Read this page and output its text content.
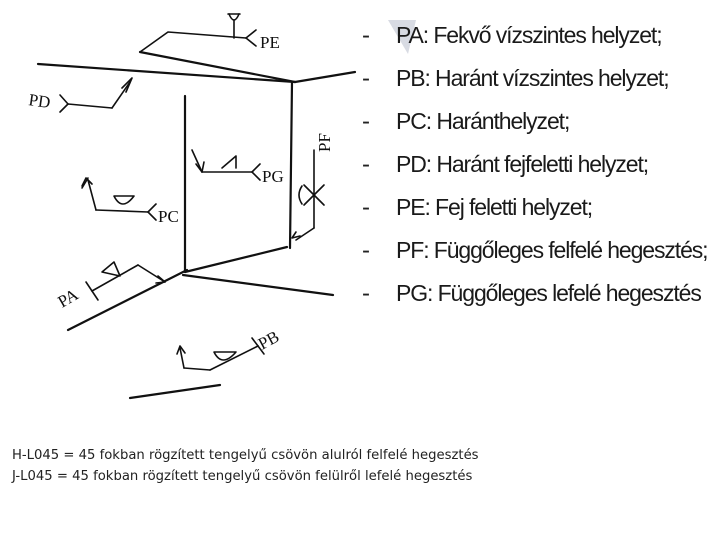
PE
PD
PF
PG
PC
PA
PB
-	PA: Fekvő vízszintes helyzet;
-	PB: Haránt vízszintes helyzet;
-	PC: Haránthelyzet;
-	PD: Haránt fejfeletti helyzet;
-	PE: Fej feletti helyzet;
-	PF: Függőleges felfelé hegesztés;
-	PG: Függőleges lefelé hegesztés
H-L045 = 45 fokban rögzített tengelyű csövön alulról felfelé hegesztés
J-L045 = 45 fokban rögzített tengelyű csövön felülről lefelé hegesztés
